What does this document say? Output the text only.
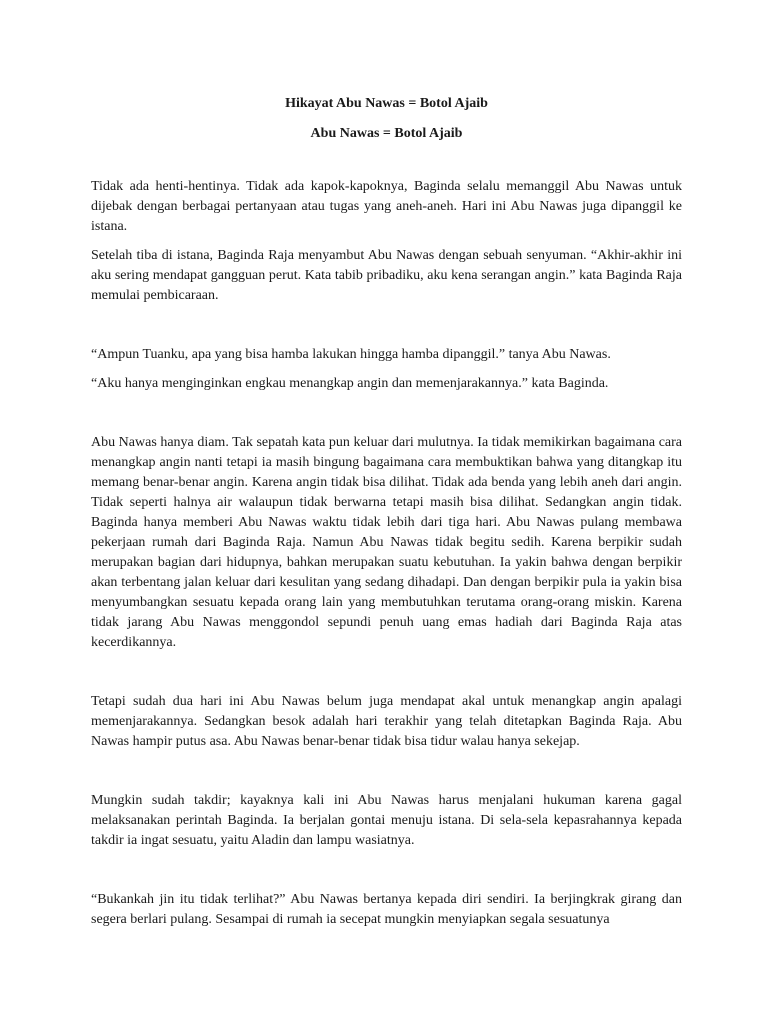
Hikayat Abu Nawas = Botol Ajaib
Abu Nawas = Botol Ajaib

Tidak ada henti-hentinya. Tidak ada kapok-kapoknya, Baginda selalu memanggil Abu Nawas untuk dijebak dengan berbagai pertanyaan atau tugas yang aneh-aneh. Hari ini Abu Nawas juga dipanggil ke istana.

Setelah tiba di istana, Baginda Raja menyambut Abu Nawas dengan sebuah senyuman. “Akhir-akhir ini aku sering mendapat gangguan perut. Kata tabib pribadiku, aku kena serangan angin.” kata Baginda Raja memulai pembicaraan.

“Ampun Tuanku, apa yang bisa hamba lakukan hingga hamba dipanggil.” tanya Abu Nawas.

“Aku hanya menginginkan engkau menangkap angin dan memenjarakannya.” kata Baginda.

Abu Nawas hanya diam. Tak sepatah kata pun keluar dari mulutnya. Ia tidak memikirkan bagaimana cara menangkap angin nanti tetapi ia masih bingung bagaimana cara membuktikan bahwa yang ditangkap itu memang benar-benar angin. Karena angin tidak bisa dilihat. Tidak ada benda yang lebih aneh dari angin. Tidak seperti halnya air walaupun tidak berwarna tetapi masih bisa dilihat. Sedangkan angin tidak. Baginda hanya memberi Abu Nawas waktu tidak lebih dari tiga hari. Abu Nawas pulang membawa pekerjaan rumah dari Baginda Raja. Namun Abu Nawas tidak begitu sedih. Karena berpikir sudah merupakan bagian dari hidupnya, bahkan merupakan suatu kebutuhan. Ia yakin bahwa dengan berpikir akan terbentang jalan keluar dari kesulitan yang sedang dihadapi. Dan dengan berpikir pula ia yakin bisa menyumbangkan sesuatu kepada orang lain yang membutuhkan terutama orang-orang miskin. Karena tidak jarang Abu Nawas menggondol sepundi penuh uang emas hadiah dari Baginda Raja atas kecerdikannya.

Tetapi sudah dua hari ini Abu Nawas belum juga mendapat akal untuk menangkap angin apalagi memenjarakannya. Sedangkan besok adalah hari terakhir yang telah ditetapkan Baginda Raja. Abu Nawas hampir putus asa. Abu Nawas benar-benar tidak bisa tidur walau hanya sekejap.

Mungkin sudah takdir; kayaknya kali ini Abu Nawas harus menjalani hukuman karena gagal melaksanakan perintah Baginda. Ia berjalan gontai menuju istana. Di sela-sela kepasrahannya kepada takdir ia ingat sesuatu, yaitu Aladin dan lampu wasiatnya.

“Bukankah jin itu tidak terlihat?” Abu Nawas bertanya kepada diri sendiri. Ia berjingkrak girang dan segera berlari pulang. Sesampai di rumah ia secepat mungkin menyiapkan segala sesuatunya
